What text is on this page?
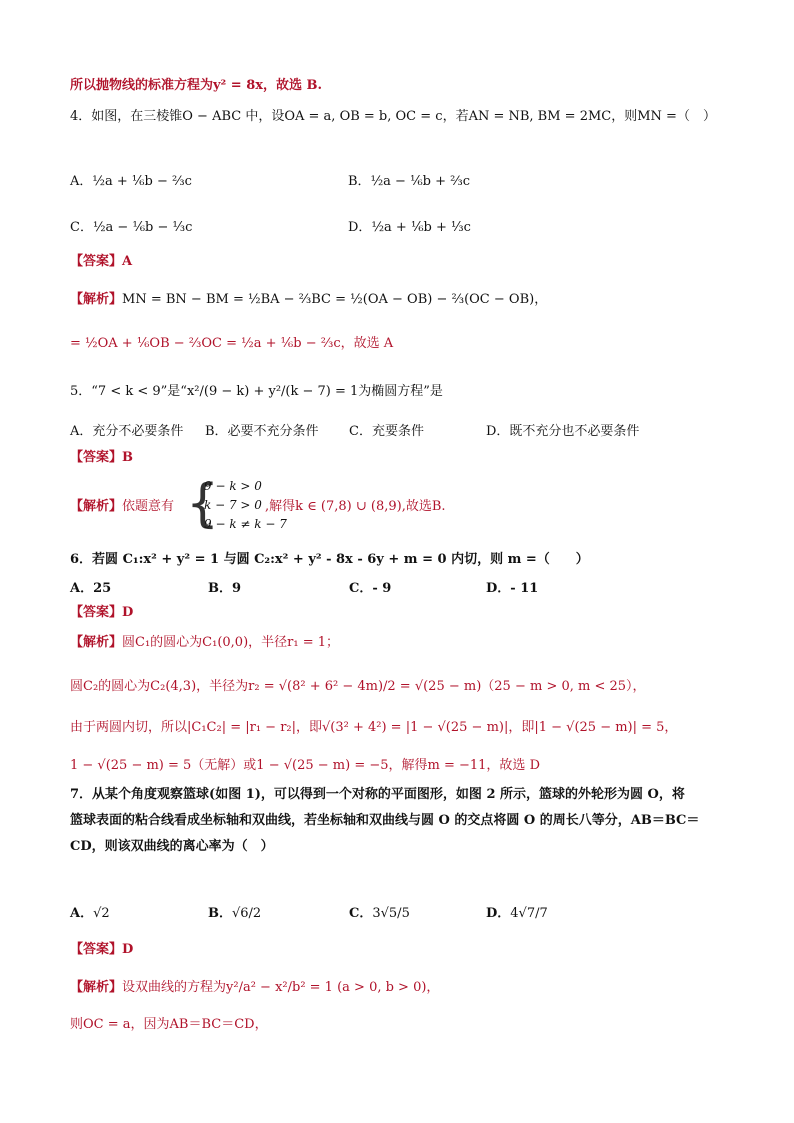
所以抛物线的标准方程为y² = 8x，故选 B.
4．如图，在三棱锥O − ABC 中，设OA = a, OB = b, OC = c，若AN = NB, BM = 2MC，则MN =（　）
A．½a + ⅙b − ⅔c	B．½a − ⅙b + ⅔c
C．½a − ⅙b − ⅓c	D．½a + ⅙b + ⅓c
【答案】A
【解析】MN = BN − BM = ½BA − ⅔BC = ½(OA − OB) − ⅔(OC − OB)，
= ½OA + ⅙OB − ⅔OC = ½a + ⅙b − ⅔c，故选 A
5．“7 < k < 9”是“x²/(9 − k) + y²/(k − 7) = 1为椭圆方程”是
A．充分不必要条件 B．必要不充分条件 C．充要条件	D．既不充分也不必要条件
【答案】B
【解析】依题意有 {
9 − k > 0
k − 7 > 0
9 − k ≠ k − 7
,解得k ∈ (7,8) ∪ (8,9),故选B.
6．若圆 C₁:x² + y² = 1 与圆 C₂:x² + y² - 8x - 6y + m = 0 内切，则 m =（　　）
A．25	B．9	C．- 9	D．- 11
【答案】D
【解析】圆C₁的圆心为C₁(0,0)，半径r₁ = 1；
圆C₂的圆心为C₂(4,3)，半径为r₂ = √(8² + 6² − 4m)/2 = √(25 − m)（25 − m > 0, m < 25），
由于两圆内切，所以|C₁C₂| = |r₁ − r₂|，即√(3² + 4²) = |1 − √(25 − m)|，即|1 − √(25 − m)| = 5，
1 − √(25 − m) = 5（无解）或1 − √(25 − m) = −5，解得m = −11，故选 D
7．从某个角度观察篮球(如图 1)，可以得到一个对称的平面图形，如图 2 所示，篮球的外轮形为圆 O，将
篮球表面的粘合线看成坐标轴和双曲线，若坐标轴和双曲线与圆 O 的交点将圆 O 的周长八等分，AB＝BC＝
CD，则该双曲线的离心率为（　）
A．√2	B．√6/2	C．3√5/5	D．4√7/7
【答案】D
【解析】设双曲线的方程为y²/a² − x²/b² = 1 (a > 0, b > 0)，
则OC = a，因为AB＝BC＝CD，
